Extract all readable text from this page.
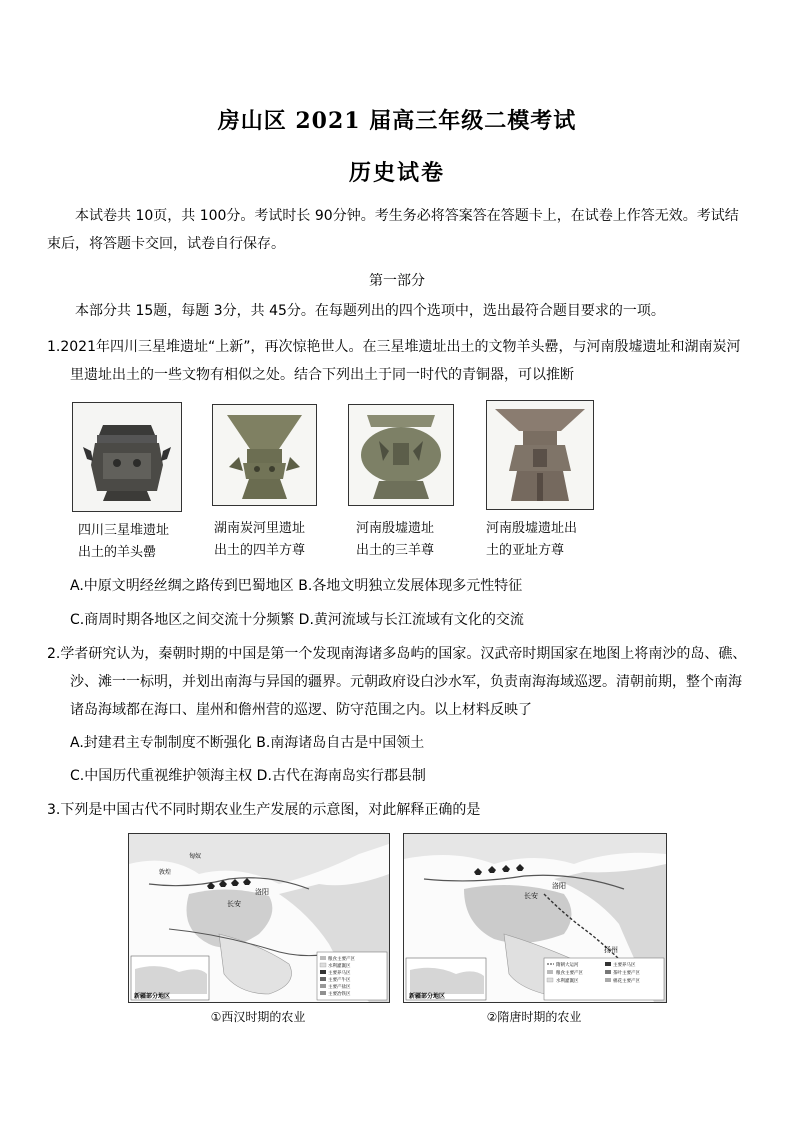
房山区 2021 届高三年级二模考试
历史试卷
本试卷共 10页，共 100分。考试时长 90分钟。考生务必将答案答在答题卡上，在试卷上作答无效。考试结束后，将答题卡交回，试卷自行保存。
第一部分
本部分共 15题，每题 3分，共 45分。在每题列出的四个选项中，选出最符合题目要求的一项。
1.2021年四川三星堆遗址“上新”，再次惊艳世人。在三星堆遗址出土的文物羊头罍，与河南殷墟遗址和湖南炭河里遗址出土的一些文物有相似之处。结合下列出土于同一时代的青铜器，可以推断
四川三星堆遗址
出土的羊头罍
湖南炭河里遗址
出土的四羊方尊
河南殷墟遗址
出土的三羊尊
河南殷墟遗址出
土的亚址方尊
A.中原文明经丝绸之路传到巴蜀地区 B.各地文明独立发展体现多元性特征
C.商周时期各地区之间交流十分频繁 D.黄河流域与长江流域有文化的交流
2.学者研究认为，秦朝时期的中国是第一个发现南海诸多岛屿的国家。汉武帝时期国家在地图上将南沙的岛、礁、沙、滩一一标明，并划出南海与异国的疆界。元朝政府设白沙水军，负责南海海域巡逻。清朝前期，整个南海诸岛海域都在海口、崖州和儋州营的巡逻、防守范围之内。以上材料反映了
A.封建君主专制制度不断强化 B.南海诸岛自古是中国领土
C.中国历代重视维护领海主权 D.古代在海南岛实行郡县制
3.下列是中国古代不同时期农业生产发展的示意图，对此解释正确的是
长安
洛阳
敦煌
匈奴
新疆部分地区
粮食主要产区
水利灌溉区
主要养马区
主要产牛区
主要产盐区
主要冶铁区
长安
洛阳
扬州
新疆部分地区
隋朝大运河
粮食主要产区
水利灌溉区
主要养马区
茶叶主要产区
棉花主要产区
①西汉时期的农业	②隋唐时期的农业
